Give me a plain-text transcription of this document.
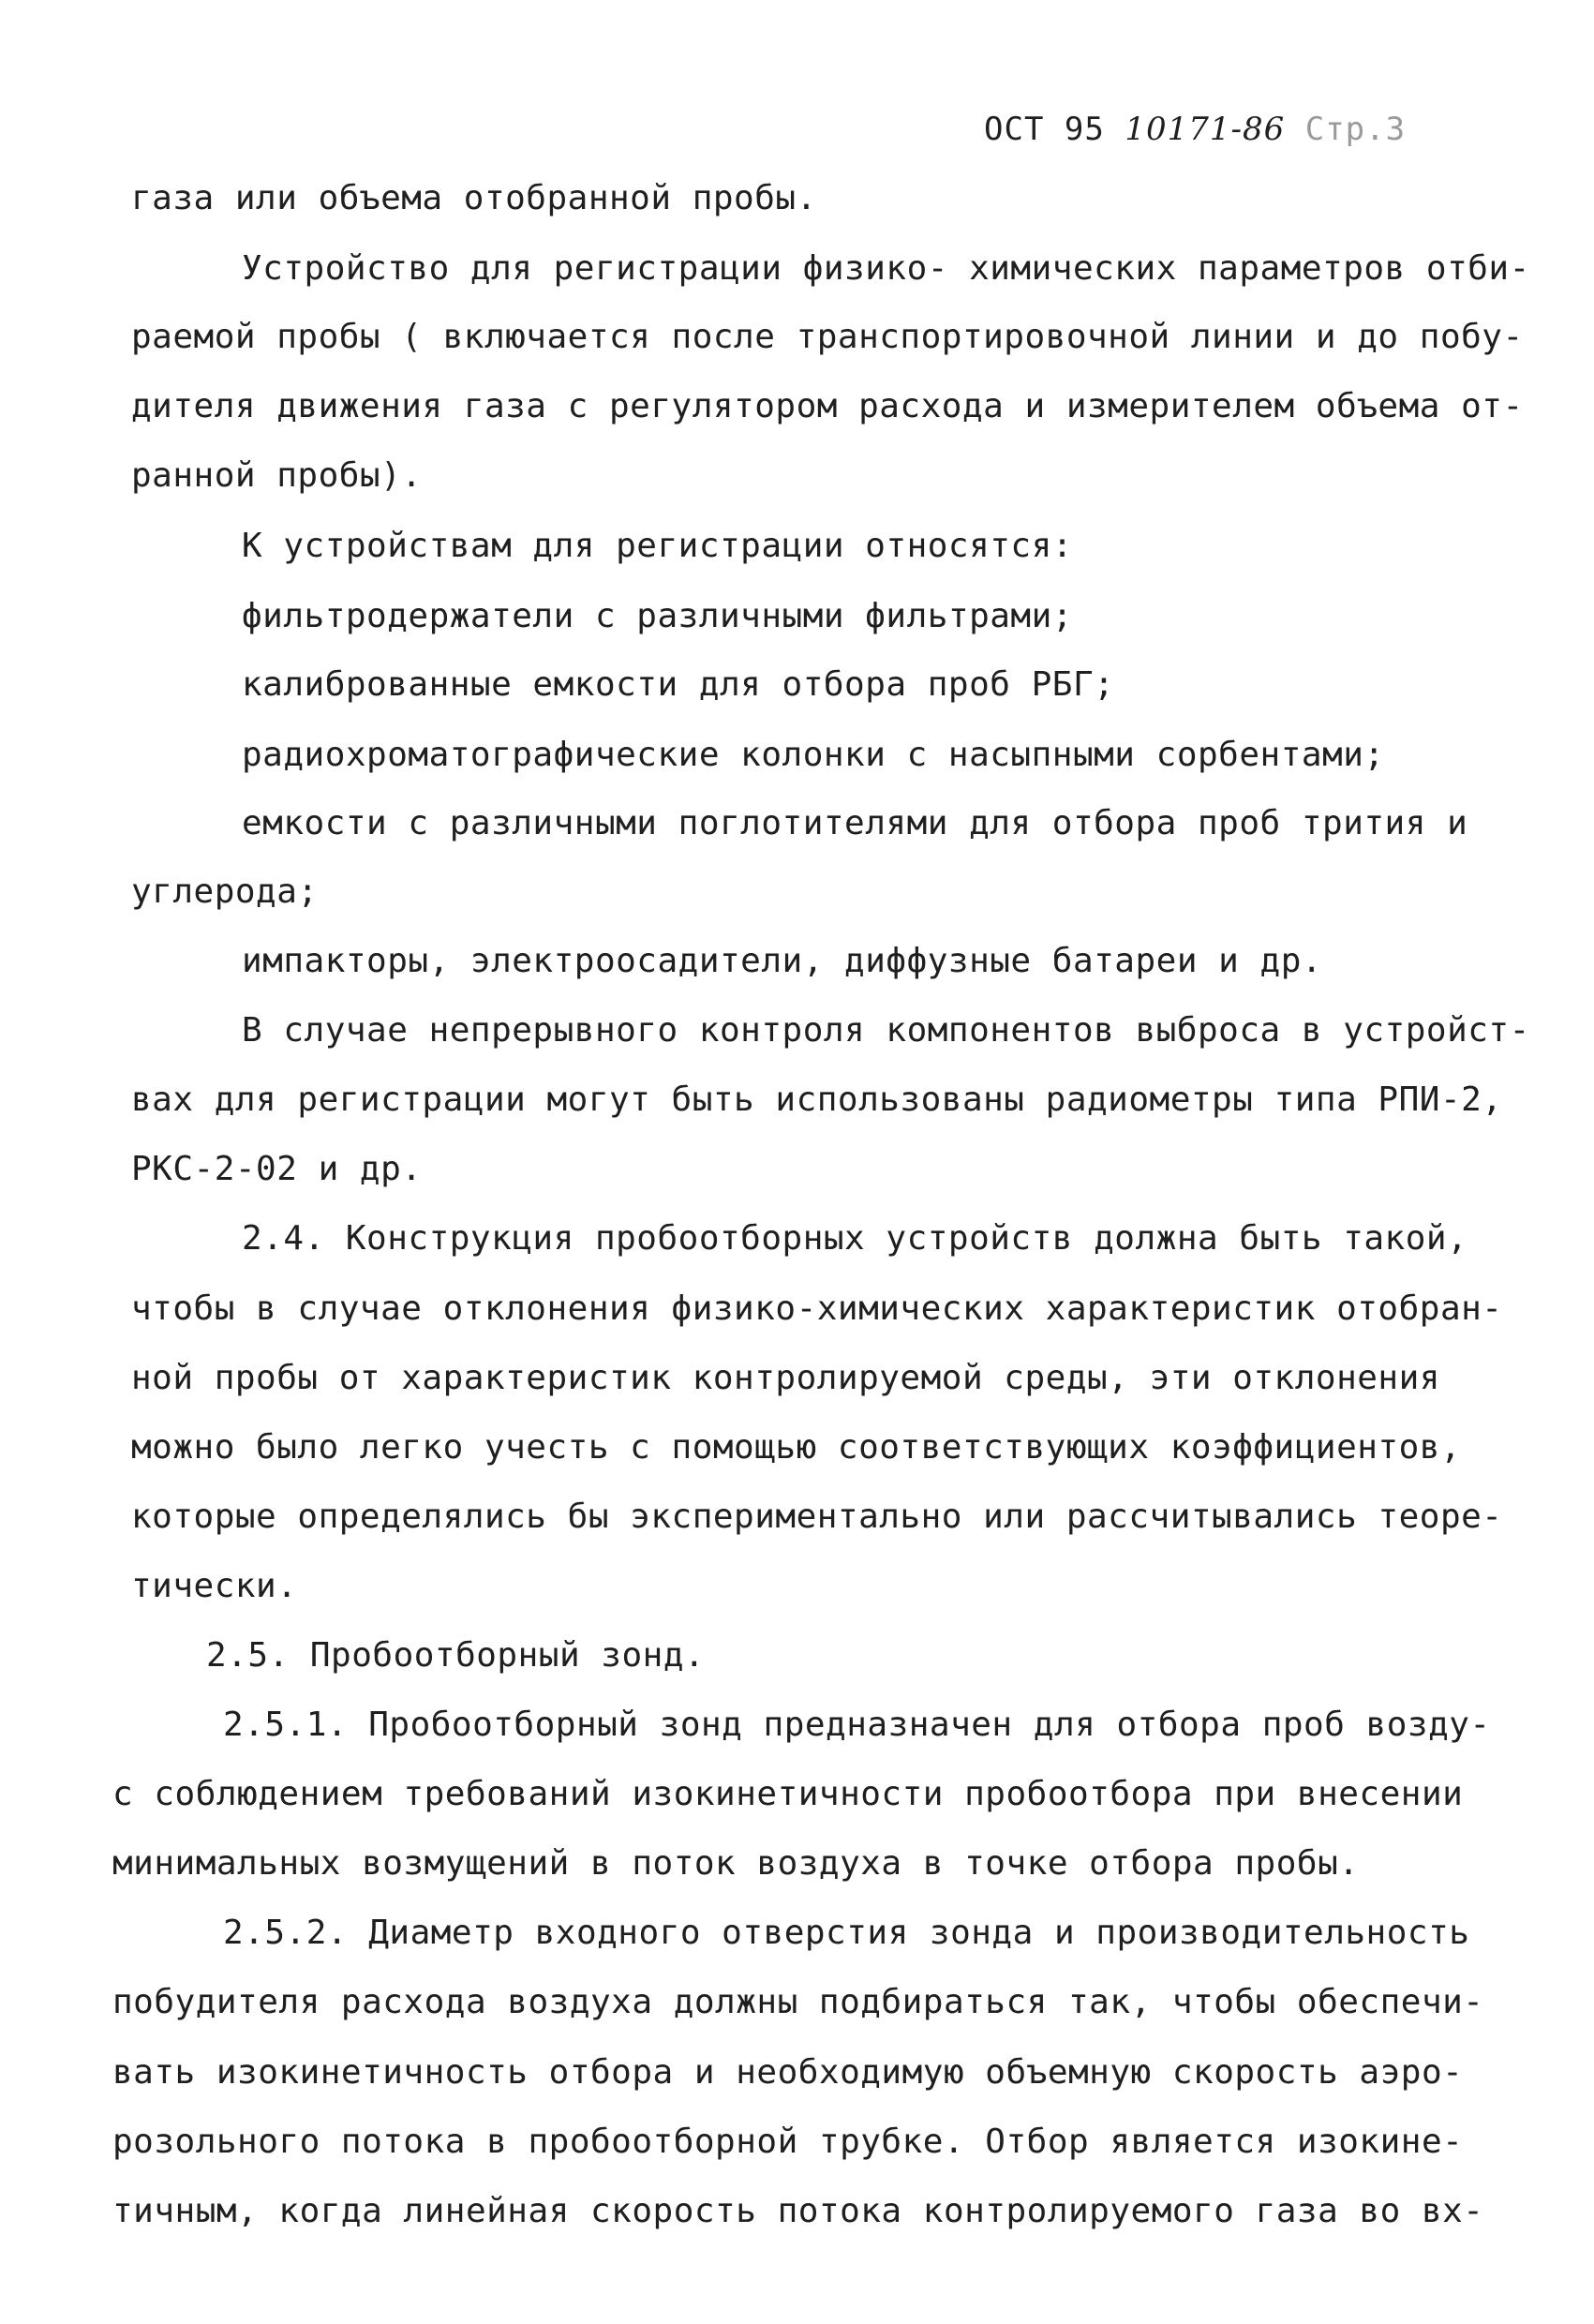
ОСТ 95 10171-86 Стр.3
газа или объема отобранной пробы.
Устройство для регистрации физико- химических параметров отби-
раемой пробы ( включается после транспортировочной линии и до побу-
дителя движения газа с регулятором расхода и измерителем объема от-
ранной пробы).
К устройствам для регистрации относятся:
фильтродержатели с различными фильтрами;
калиброванные емкости для отбора проб РБГ;
радиохроматографические колонки с насыпными сорбентами;
емкости с различными поглотителями для отбора проб трития и
углерода;
импакторы, электроосадители, диффузные батареи и др.
В случае непрерывного контроля компонентов выброса в устройст-
вах для регистрации могут быть использованы радиометры типа РПИ-2,
РКС-2-02 и др.
2.4. Конструкция пробоотборных устройств должна быть такой,
чтобы в случае отклонения физико-химических характеристик отобран-
ной пробы от характеристик контролируемой среды, эти отклонения
можно было легко учесть с помощью соответствующих коэффициентов,
которые определялись бы экспериментально или рассчитывались теоре-
тически.
2.5. Пробоотборный зонд.
2.5.1. Пробоотборный зонд предназначен для отбора проб возду-
с соблюдением требований изокинетичности пробоотбора при внесении
минимальных возмущений в поток воздуха в точке отбора пробы.
2.5.2. Диаметр входного отверстия зонда и производительность
побудителя расхода воздуха должны подбираться так, чтобы обеспечи-
вать изокинетичность отбора и необходимую объемную скорость аэро-
розольного потока в пробоотборной трубке. Отбор является изокине-
тичным, когда линейная скорость потока контролируемого газа во вх-
